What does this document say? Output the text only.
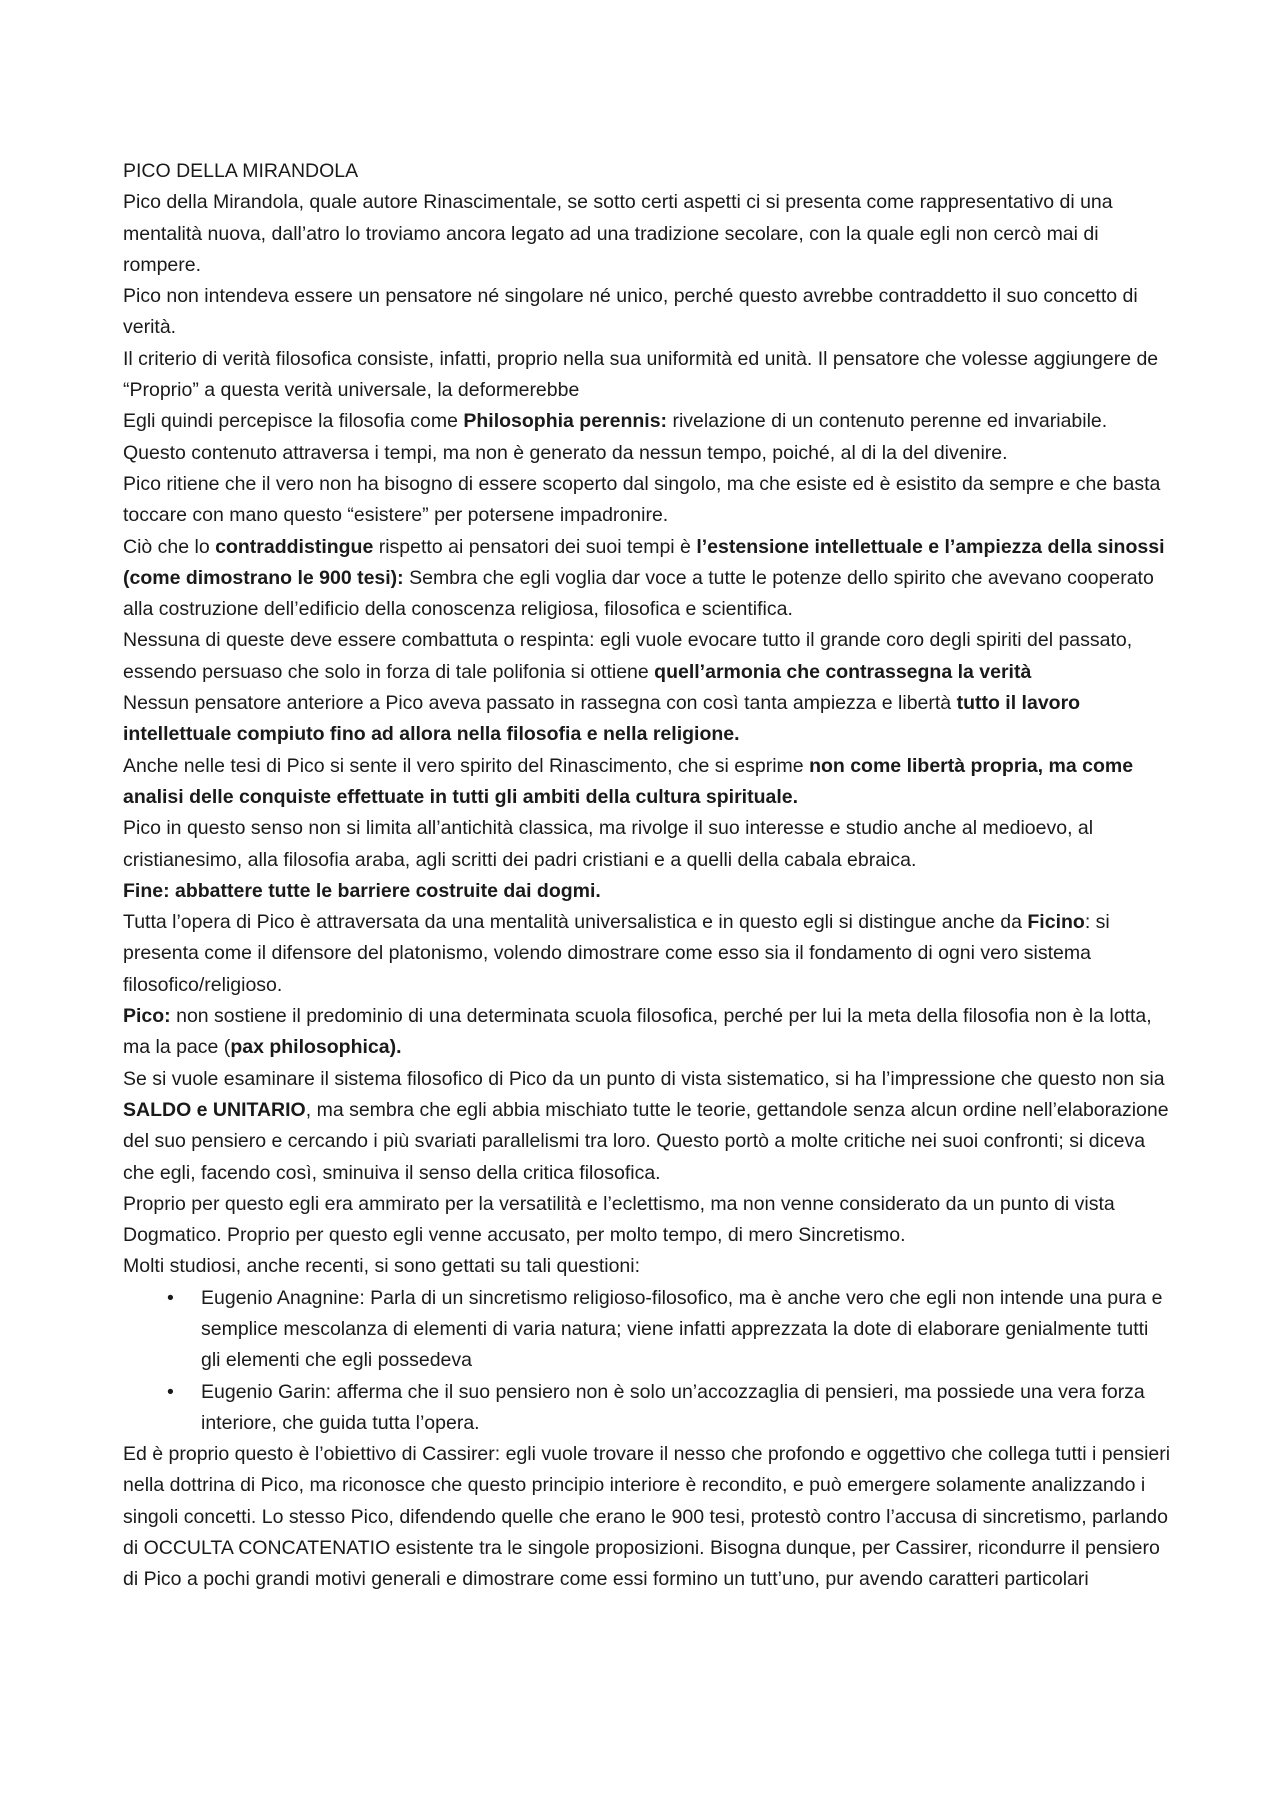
PICO DELLA MIRANDOLA

Pico della Mirandola, quale autore Rinascimentale, se sotto certi aspetti ci si presenta come rappresentativo di una mentalità nuova, dall’atro lo troviamo ancora legato ad una tradizione secolare, con la quale egli non cercò mai di rompere.

Pico non intendeva essere un pensatore né singolare né unico, perché questo avrebbe contraddetto il suo concetto di verità.

Il criterio di verità filosofica consiste, infatti, proprio nella sua uniformità ed unità. Il pensatore che volesse aggiungere de “Proprio” a questa verità universale, la deformerebbe

Egli quindi percepisce la filosofia come Philosophia perennis: rivelazione di un contenuto perenne ed invariabile. Questo contenuto attraversa i tempi, ma non è generato da nessun tempo, poiché, al di la del divenire.

Pico ritiene che il vero non ha bisogno di essere scoperto dal singolo, ma che esiste ed è esistito da sempre e che basta toccare con mano questo “esistere” per potersene impadronire.

Ciò che lo contraddistingue rispetto ai pensatori dei suoi tempi è l’estensione intellettuale e l’ampiezza della sinossi (come dimostrano le 900 tesi): Sembra che egli voglia dar voce a tutte le potenze dello spirito che avevano cooperato alla costruzione dell’edificio della conoscenza religiosa, filosofica e scientifica.

Nessuna di queste deve essere combattuta o respinta: egli vuole evocare tutto il grande coro degli spiriti del passato, essendo persuaso che solo in forza di tale polifonia si ottiene quell’armonia che contrassegna la verità

Nessun pensatore anteriore a Pico aveva passato in rassegna con così tanta ampiezza e libertà tutto il lavoro intellettuale compiuto fino ad allora nella filosofia e nella religione.

Anche nelle tesi di Pico si sente il vero spirito del Rinascimento, che si esprime non come libertà propria, ma come analisi delle conquiste effettuate in tutti gli ambiti della cultura spirituale.

Pico in questo senso non si limita all’antichità classica, ma rivolge il suo interesse e studio anche al medioevo, al cristianesimo, alla filosofia araba, agli scritti dei padri cristiani e a quelli della cabala ebraica.

Fine: abbattere tutte le barriere costruite dai dogmi.

Tutta l’opera di Pico è attraversata da una mentalità universalistica e in questo egli si distingue anche da Ficino: si presenta come il difensore del platonismo, volendo dimostrare come esso sia il fondamento di ogni vero sistema filosofico/religioso.

Pico: non sostiene il predominio di una determinata scuola filosofica, perché per lui la meta della filosofia non è la lotta, ma la pace (pax philosophica).

Se si vuole esaminare il sistema filosofico di Pico da un punto di vista sistematico, si ha l’impressione che questo non sia SALDO e UNITARIO, ma sembra che egli abbia mischiato tutte le teorie, gettandole senza alcun ordine nell’elaborazione del suo pensiero e cercando i più svariati parallelismi tra loro. Questo portò a molte critiche nei suoi confronti; si diceva che egli, facendo così, sminuiva il senso della critica filosofica.

Proprio per questo egli era ammirato per la versatilità e l’eclettismo, ma non venne considerato da un punto di vista Dogmatico. Proprio per questo egli venne accusato, per molto tempo, di mero Sincretismo.

Molti studiosi, anche recenti, si sono gettati su tali questioni:

• Eugenio Anagnine: Parla di un sincretismo religioso-filosofico, ma è anche vero che egli non intende una pura e semplice mescolanza di elementi di varia natura; viene infatti apprezzata la dote di elaborare genialmente tutti gli elementi che egli possedeva
• Eugenio Garin: afferma che il suo pensiero non è solo un’accozzaglia di pensieri, ma possiede una vera forza interiore, che guida tutta l’opera.

Ed è proprio questo è l’obiettivo di Cassirer: egli vuole trovare il nesso che profondo e oggettivo che collega tutti i pensieri nella dottrina di Pico, ma riconosce che questo principio interiore è recondito, e può emergere solamente analizzando i singoli concetti. Lo stesso Pico, difendendo quelle che erano le 900 tesi, protestò contro l’accusa di sincretismo, parlando di OCCULTA CONCATENATIO esistente tra le singole proposizioni. Bisogna dunque, per Cassirer, ricondurre il pensiero di Pico a pochi grandi motivi generali e dimostrare come essi formino un tutt’uno, pur avendo caratteri particolari
